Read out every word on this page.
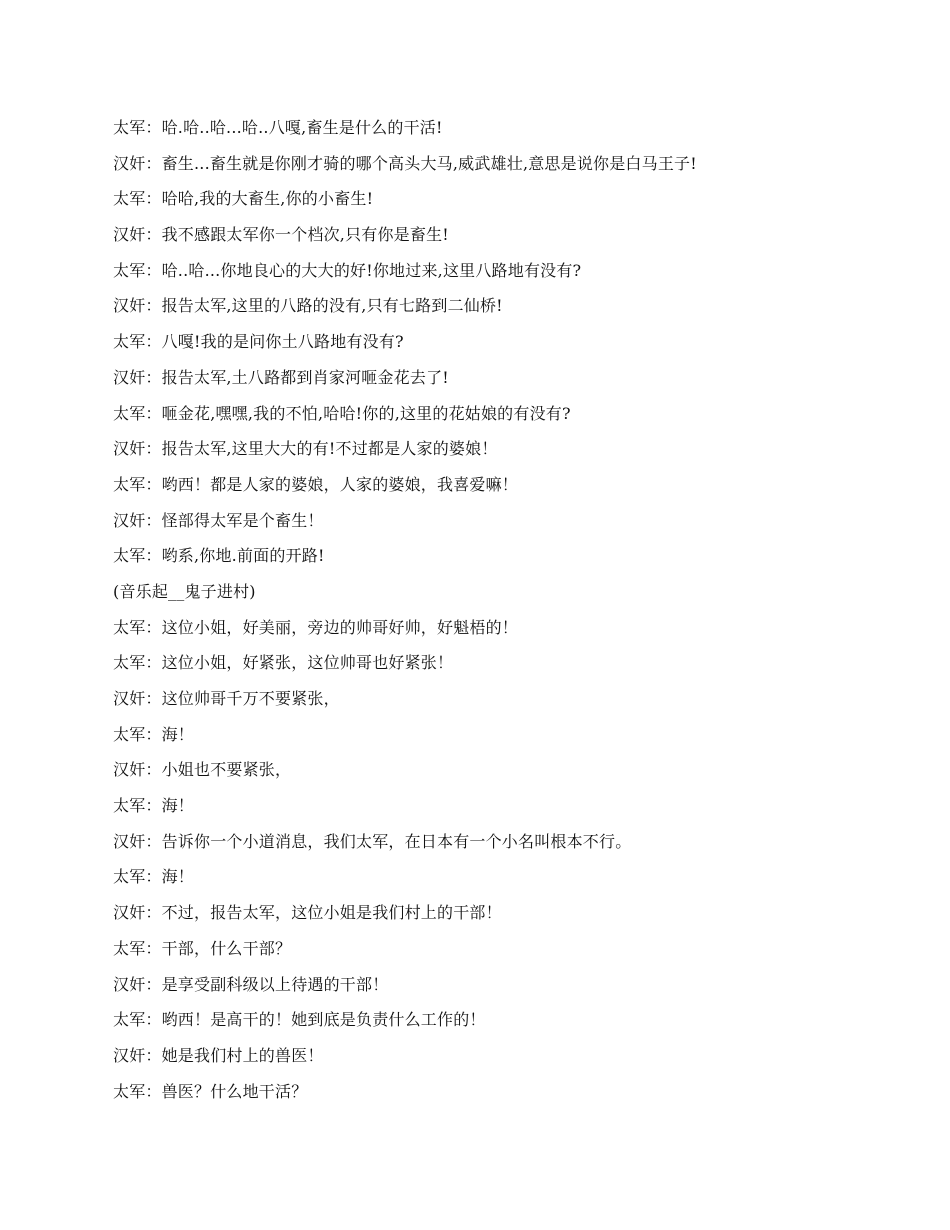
太军：哈.哈..哈...哈..八嘎,畜生是什么的干活!
汉奸：畜生...畜生就是你刚才骑的哪个高头大马,威武雄壮,意思是说你是白马王子!
太军：哈哈,我的大畜生,你的小畜生!
汉奸：我不感跟太军你一个档次,只有你是畜生!
太军：哈..哈...你地良心的大大的好!你地过来,这里八路地有没有?
汉奸：报告太军,这里的八路的没有,只有七路到二仙桥!
太军：八嘎!我的是问你土八路地有没有?
汉奸：报告太军,土八路都到肖家河咂金花去了!
太军：咂金花,嘿嘿,我的不怕,哈哈!你的,这里的花姑娘的有没有?
汉奸：报告太军,这里大大的有!不过都是人家的婆娘！
太军：哟西！都是人家的婆娘，人家的婆娘，我喜爱嘛！
汉奸：怪部得太军是个畜生！
太军：哟系,你地.前面的开路!
(音乐起__鬼子进村)
太军：这位小姐，好美丽，旁边的帅哥好帅，好魁梧的！
太军：这位小姐，好紧张，这位帅哥也好紧张！
汉奸：这位帅哥千万不要紧张，
太军：海！
汉奸：小姐也不要紧张，
太军：海！
汉奸：告诉你一个小道消息，我们太军，在日本有一个小名叫根本不行。
太军：海！
汉奸：不过，报告太军，这位小姐是我们村上的干部！
太军：干部，什么干部？
汉奸：是享受副科级以上待遇的干部！
太军：哟西！是高干的！她到底是负责什么工作的！
汉奸：她是我们村上的兽医！
太军：兽医？什么地干活？
